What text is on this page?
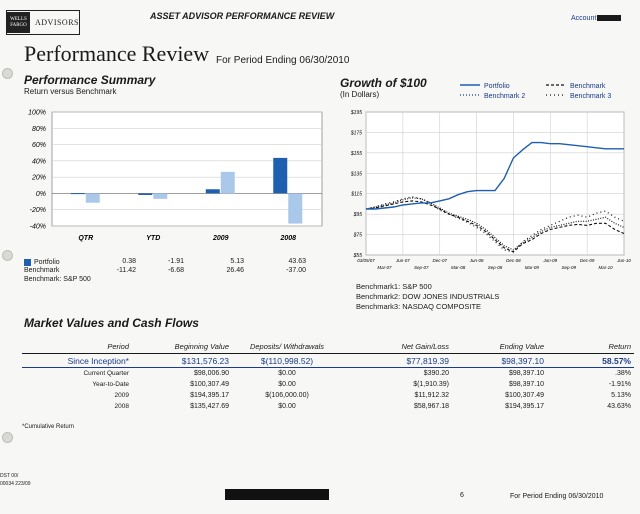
WELLS
FARGO	ADVISORS
ASSET ADVISOR PERFORMANCE REVIEW	Account
Performance Review For Period Ending 06/30/2010
Performance Summary
Return versus Benchmark
100%
80%
60%
40%
20%
0%
-20%
-40%
QTR	YTD	2009	2008
Portfolio	0.38	-1.91	5.13	43.63
Benchmark	-11.42	-6.68	26.46	-37.00
Benchmark: S&P 500
Growth of $100
(In Dollars)
Portfolio	Benchmark
Benchmark 2	Benchmark 3
$195
$175
$155
$135
$115
$95
$75
$55
03/05/07	Jun-07	Dec-07	Jun-08	Dec-08	Jun-09	Dec-09	Jun-10
Mar-07	Sep-07	Mar-08	Sep-08	Mar-09	Sep-09	Mar-10
Benchmark1: S&P 500
Benchmark2: DOW JONES INDUSTRIALS
Benchmark3: NASDAQ COMPOSITE
Market Values and Cash Flows
Period	Beginning Value	Deposits/ Withdrawals	Net Gain/Loss	Ending Value	Return
Since Inception*	$131,576.23	$(110,998.52)	$77,819.39	$98,397.10	58.57%
Current Quarter	$98,006.90	$0.00	$390.20	$98,397.10	.38%
Year-to-Date	$100,307.49	$0.00	$(1,910.39)	$98,397.10	-1.91%
2009	$194,395.17	$(106,000.00)	$11,912.32	$100,307.49	5.13%
2008	$135,427.69	$0.00	$58,967.18	$194,395.17	43.63%
*Cumulative Return
DST 00/
00034 223/09
6	For Period Ending 06/30/2010
